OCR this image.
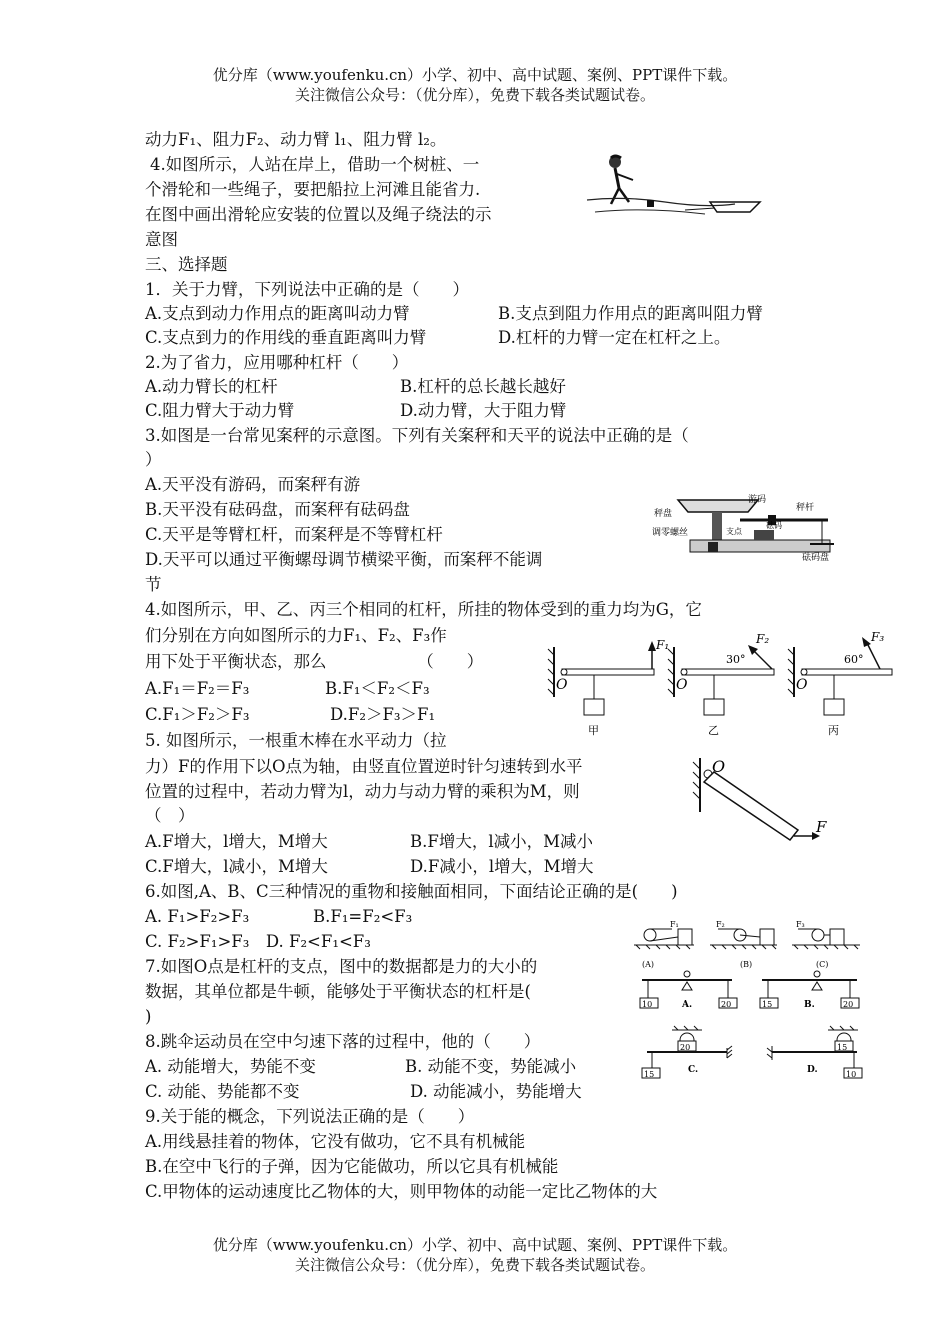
优分库（www.youfenku.cn）小学、初中、高中试题、案例、PPT课件下载。
关注微信公众号：（优分库），免费下载各类试题试卷。
动力F₁、阻力F₂、动力臂 l₁、阻力臂 l₂。
4.如图所示，人站在岸上，借助一个树桩、一
个滑轮和一些绳子，要把船拉上河滩且能省力.
在图中画出滑轮应安装的位置以及绳子绕法的示
意图
三、选择题
1．关于力臂，下列说法中正确的是（　　）
A.支点到动力作用点的距离叫动力臂	B.支点到阻力作用点的距离叫阻力臂
C.支点到力的作用线的垂直距离叫力臂	D.杠杆的力臂一定在杠杆之上。
2.为了省力，应用哪种杠杆（　　）
A.动力臂长的杠杆	B.杠杆的总长越长越好
C.阻力臂大于动力臂	D.动力臂，大于阻力臂
3.如图是一台常见案秤的示意图。下列有关案秤和天平的说法中正确的是（
）
A.天平没有游码，而案秤有游
B.天平没有砝码盘，而案秤有砝码盘
C.天平是等臂杠杆，而案秤是不等臂杠杆
D.天平可以通过平衡螺母调节横梁平衡，而案秤不能调
节
4.如图所示，甲、乙、丙三个相同的杠杆，所挂的物体受到的重力均为G，它
们分别在方向如图所示的力F₁、F₂、F₃作
用下处于平衡状态，那么　　　　　　（　　）
A.F₁＝F₂＝F₃	B.F₁＜F₂＜F₃
C.F₁＞F₂＞F₃	D.F₂＞F₃＞F₁
5. 如图所示，一根重木棒在水平动力（拉
力）F的作用下以O点为轴，由竖直位置逆时针匀速转到水平
位置的过程中，若动力臂为l，动力与动力臂的乘积为M，则
（　）
A.F增大，l增大，M增大	B.F增大，l减小，M减小
C.F增大，l减小，M增大	D.F减小，l增大，M增大
6.如图,A、B、C三种情况的重物和接触面相同，下面结论正确的是(　　)
A. F₁>F₂>F₃	B.F₁=F₂<F₃
C. F₂>F₁>F₃　D. F₂<F₁<F₃
7.如图O点是杠杆的支点，图中的数据都是力的大小的
数据，其单位都是牛顿，能够处于平衡状态的杠杆是(
)
8.跳伞运动员在空中匀速下落的过程中，他的（　　）
A. 动能增大，势能不变	B. 动能不变，势能减小
C. 动能、势能都不变	D. 动能减小，势能增大
9.关于能的概念，下列说法正确的是（　　）
A.用线悬挂着的物体，它没有做功，它不具有机械能
B.在空中飞行的子弹，因为它能做功，所以它具有机械能
C.甲物体的运动速度比乙物体的大，则甲物体的动能一定比乙物体的大
秤盘
游码
秤杆
调零螺丝	支点
砝码
砝码盘
O
F₁
甲
O
F₂
30°
乙
O
F₃
60°
丙
O
F
F₁
(A)
F₂
(B)
F₃
(C)
10	20
A.	15	20
B.
20
15	C.
15
10
D.
优分库（www.youfenku.cn）小学、初中、高中试题、案例、PPT课件下载。
关注微信公众号：（优分库），免费下载各类试题试卷。
